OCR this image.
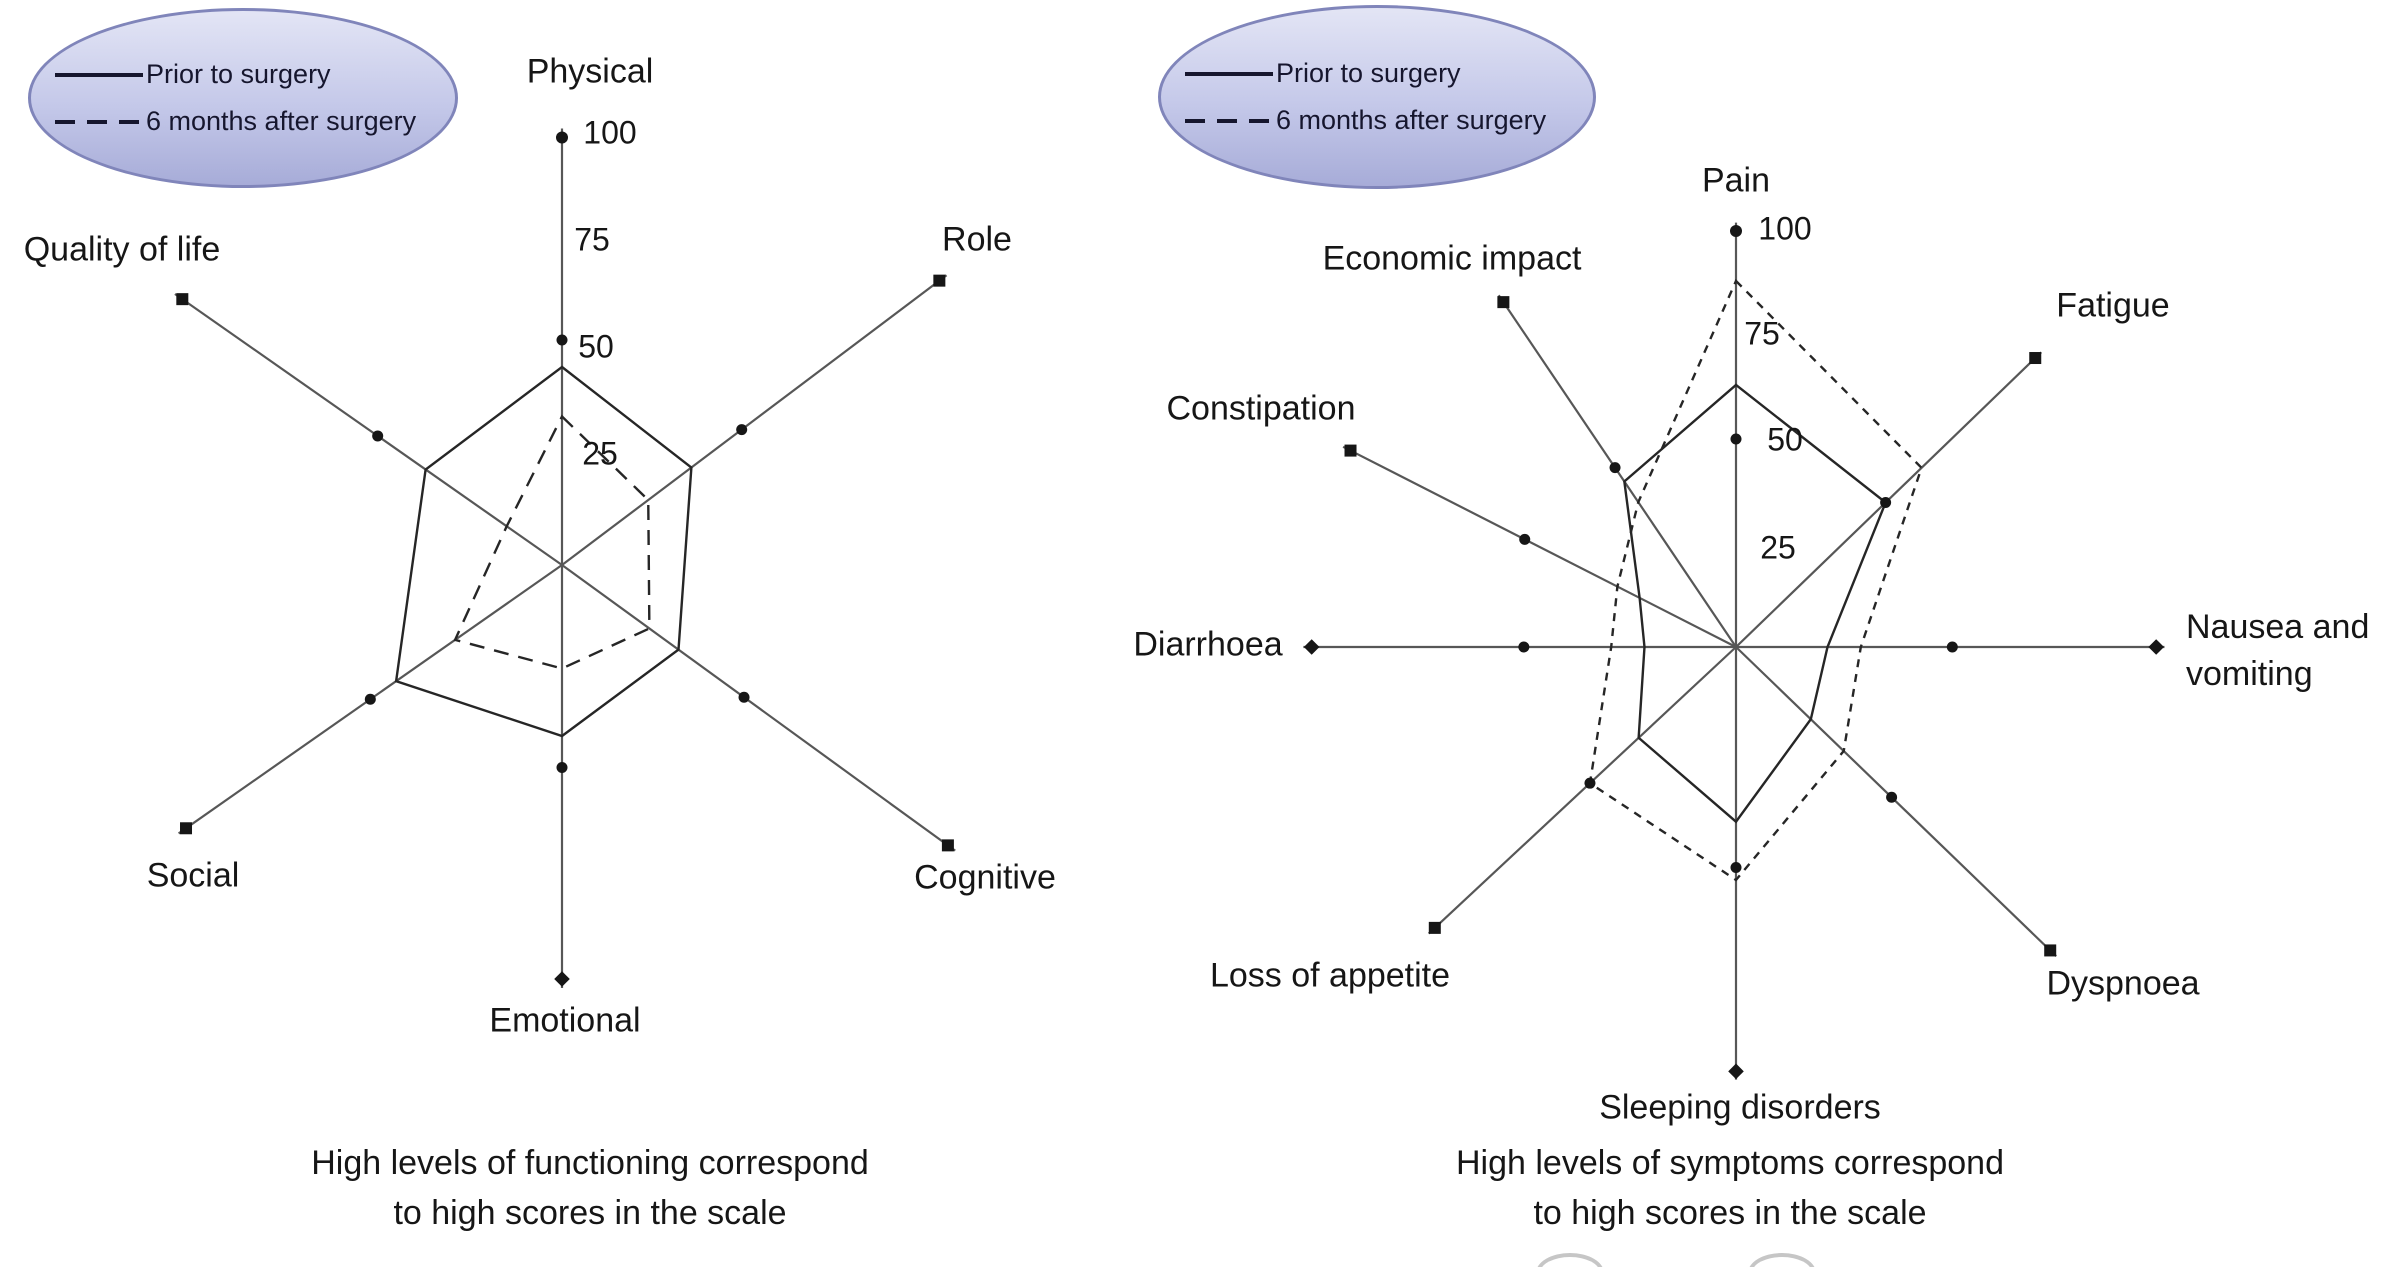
Physical
Role
Cognitive
Emotional
Social
Quality of life
100
75
50
25
Pain
Fatigue
Nausea and
vomiting
Dyspnoea
Sleeping disorders
Loss of appetite
Diarrhoea
Constipation
Economic impact
100
75
50
25
Prior to surgery
6 months after surgery
Prior to surgery
6 months after surgery
High levels of functioning correspond
to high scores in the scale
High levels of symptoms correspond
to high scores in the scale
